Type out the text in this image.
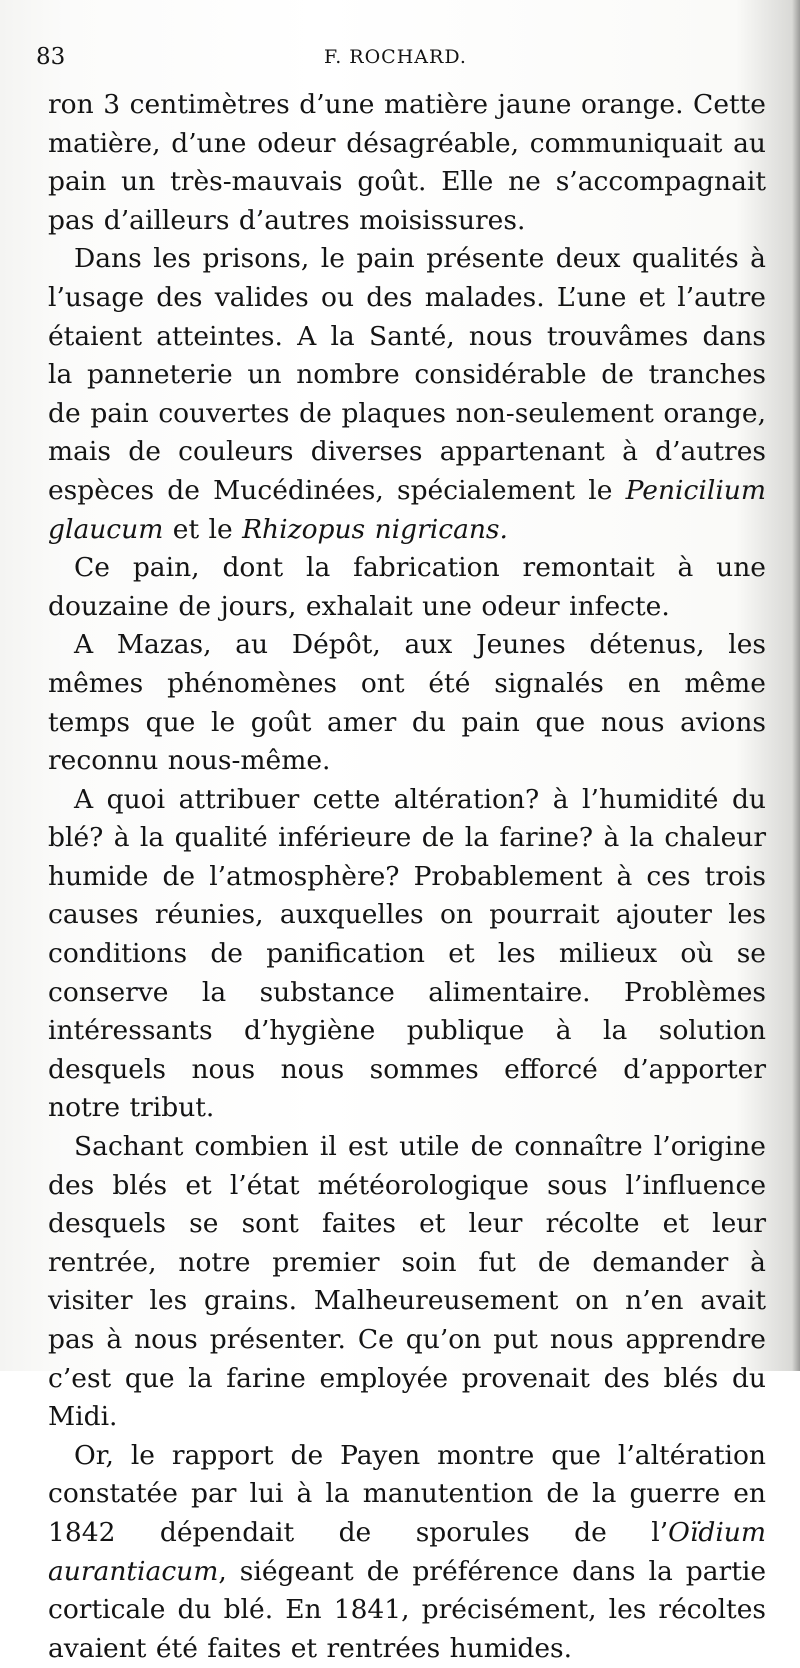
83	F. ROCHARD.

ron 3 centimètres d’une matière jaune orange. Cette matière, d’une odeur désagréable, communiquait au pain un très-mauvais goût. Elle ne s’accompagnait pas d’ailleurs d’autres moisissures.

Dans les prisons, le pain présente deux qualités à l’usage des valides ou des malades. L’une et l’autre étaient atteintes. A la Santé, nous trouvâmes dans la panneterie un nombre considérable de tranches de pain couvertes de plaques non-seulement orange, mais de couleurs diverses appartenant à d’autres espèces de Mucédinées, spécialement le Penicilium glaucum et le Rhizopus nigricans.

Ce pain, dont la fabrication remontait à une douzaine de jours, exhalait une odeur infecte.

A Mazas, au Dépôt, aux Jeunes détenus, les mêmes phénomènes ont été signalés en même temps que le goût amer du pain que nous avions reconnu nous-même.

A quoi attribuer cette altération? à l’humidité du blé? à la qualité inférieure de la farine? à la chaleur humide de l’atmosphère? Probablement à ces trois causes réunies, auxquelles on pourrait ajouter les conditions de panification et les milieux où se conserve la substance alimentaire. Problèmes intéressants d’hygiène publique à la solution desquels nous nous sommes efforcé d’apporter notre tribut.

Sachant combien il est utile de connaître l’origine des blés et l’état météorologique sous l’influence desquels se sont faites et leur récolte et leur rentrée, notre premier soin fut de demander à visiter les grains. Malheureusement on n’en avait pas à nous présenter. Ce qu’on put nous apprendre c’est que la farine employée provenait des blés du Midi.

Or, le rapport de Payen montre que l’altération constatée par lui à la manutention de la guerre en 1842 dépendait de sporules de l’Oïdium aurantiacum, siégeant de préférence dans la partie corticale du blé. En 1841, précisément, les récoltes avaient été faites et rentrées humides.
